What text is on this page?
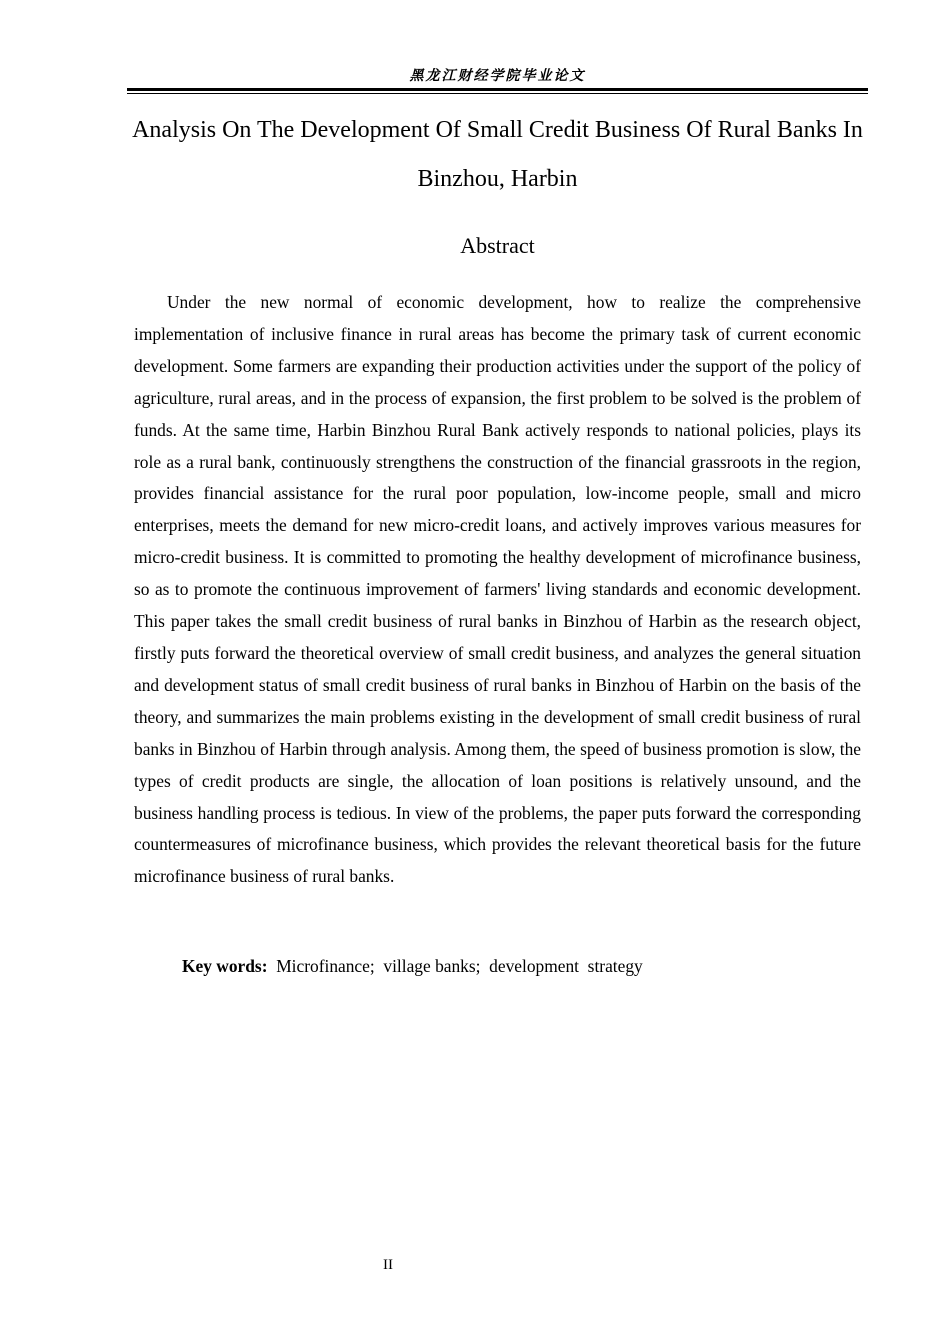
黑龙江财经学院毕业论文
Analysis On The Development Of Small Credit Business Of Rural Banks In Binzhou, Harbin
Abstract

Under the new normal of economic development, how to realize the comprehensive implementation of inclusive finance in rural areas has become the primary task of current economic development. Some farmers are expanding their production activities under the support of the policy of agriculture, rural areas, and in the process of expansion, the first problem to be solved is the problem of funds. At the same time, Harbin Binzhou Rural Bank actively responds to national policies, plays its role as a rural bank, continuously strengthens the construction of the financial grassroots in the region, provides financial assistance for the rural poor population, low-income people, small and micro enterprises, meets the demand for new micro-credit loans, and actively improves various measures for micro-credit business. It is committed to promoting the healthy development of microfinance business, so as to promote the continuous improvement of farmers' living standards and economic development. This paper takes the small credit business of rural banks in Binzhou of Harbin as the research object, firstly puts forward the theoretical overview of small credit business, and analyzes the general situation and development status of small credit business of rural banks in Binzhou of Harbin on the basis of the theory, and summarizes the main problems existing in the development of small credit business of rural banks in Binzhou of Harbin through analysis. Among them, the speed of business promotion is slow, the types of credit products are single, the allocation of loan positions is relatively unsound, and the business handling process is tedious. In view of the problems, the paper puts forward the corresponding countermeasures of microfinance business, which provides the relevant theoretical basis for the future microfinance business of rural banks.

Key words:  Microfinance;  village banks;  development  strategy
II
